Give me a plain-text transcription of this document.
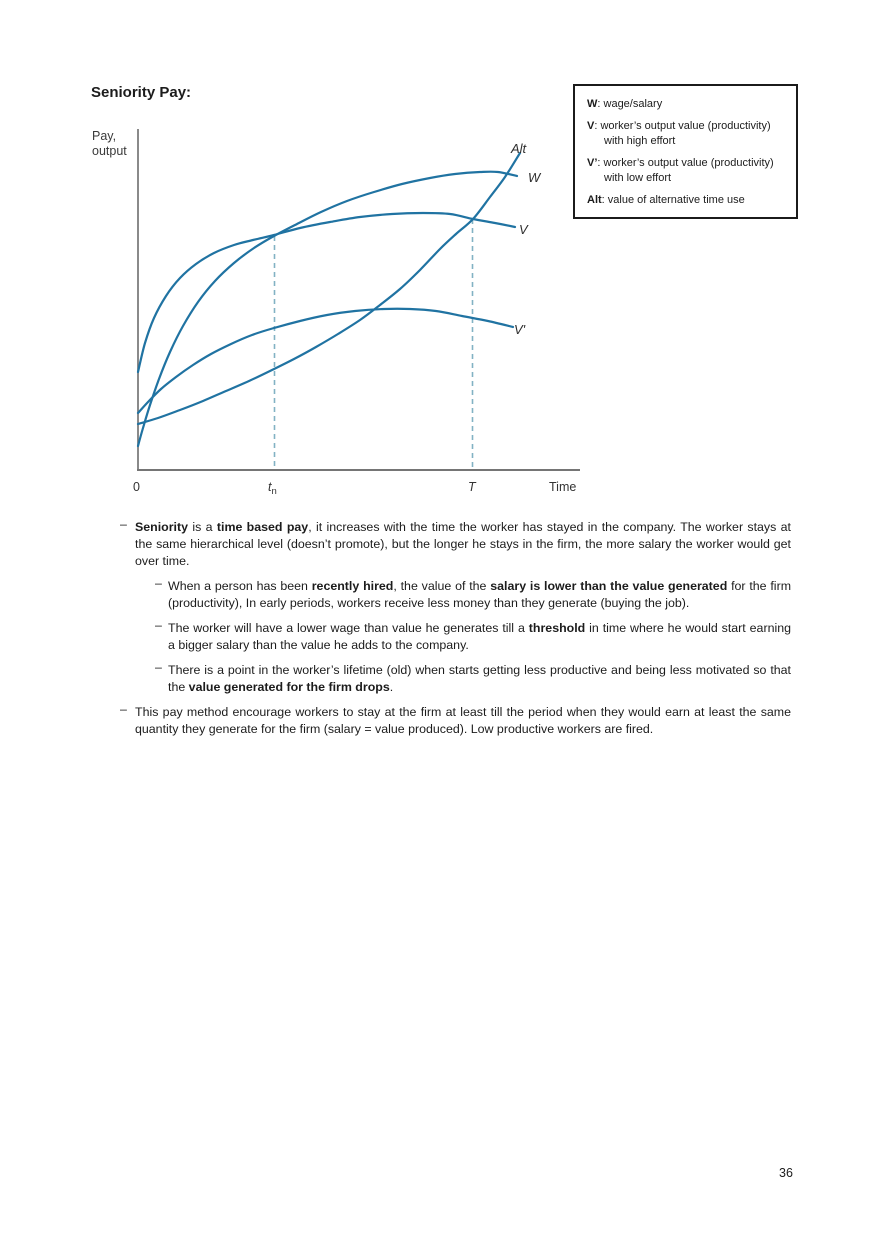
Seniority Pay:
W: wage/salary
V: worker’s output value (productivity)
with high effort
V’: worker’s output value (productivity)
with low effort
Alt: value of alternative time use
V
W
V'
Alt
Pay,
output
0	$t_n$	T	Time
– Seniority is a time based pay, it increases with the time the worker has stayed in the company. The worker stays at the same hierarchical level (doesn’t promote), but the longer he stays in the firm, the more salary the worker would get over time.
– When a person has been recently hired, the value of the salary is lower than the value generated for the firm (productivity), In early periods, workers receive less money than they generate (buying the job).
– The worker will have a lower wage than value he generates till a threshold in time where he would start earning a bigger salary than the value he adds to the company.
– There is a point in the worker’s lifetime (old) when starts getting less productive and being less motivated so that the value generated for the firm drops.
– This pay method encourage workers to stay at the firm at least till the period when they would earn at least the same quantity they generate for the firm (salary = value produced). Low productive workers are fired.
36
